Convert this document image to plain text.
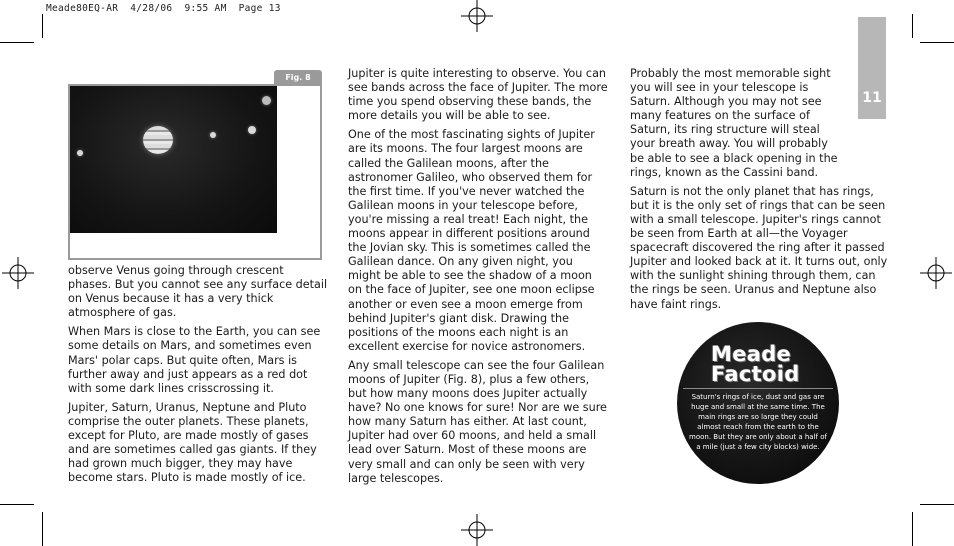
Meade80EQ-AR  4/28/06  9:55 AM  Page 13
Fig. 8
11

observe Venus going through crescent phases. But you cannot see any surface detail on Venus because it has a very thick atmosphere of gas.

When Mars is close to the Earth, you can see some details on Mars, and sometimes even Mars' polar caps. But quite often, Mars is further away and just appears as a red dot with some dark lines crisscrossing it.

Jupiter, Saturn, Uranus, Neptune and Pluto comprise the outer planets. These planets, except for Pluto, are made mostly of gases and are sometimes called gas giants. If they had grown much bigger, they may have become stars. Pluto is made mostly of ice.

Jupiter is quite interesting to observe. You can see bands across the face of Jupiter. The more time you spend observing these bands, the more details you will be able to see.

One of the most fascinating sights of Jupiter are its moons. The four largest moons are called the Galilean moons, after the astronomer Galileo, who observed them for the first time. If you've never watched the Galilean moons in your telescope before, you're missing a real treat! Each night, the moons appear in different positions around the Jovian sky. This is sometimes called the Galilean dance. On any given night, you might be able to see the shadow of a moon on the face of Jupiter, see one moon eclipse another or even see a moon emerge from behind Jupiter's giant disk. Drawing the positions of the moons each night is an excellent exercise for novice astronomers.

Any small telescope can see the four Galilean moons of Jupiter (Fig. 8), plus a few others, but how many moons does Jupiter actually have? No one knows for sure! Nor are we sure how many Saturn has either. At last count, Jupiter had over 60 moons, and held a small lead over Saturn. Most of these moons are very small and can only be seen with very large telescopes.

Probably the most memorable sight you will see in your telescope is Saturn. Although you may not see many features on the surface of Saturn, its ring structure will steal your breath away. You will probably be able to see a black opening in the rings, known as the Cassini band.

Saturn is not the only planet that has rings, but it is the only set of rings that can be seen with a small telescope. Jupiter's rings cannot be seen from Earth at all—the Voyager spacecraft discovered the ring after it passed Jupiter and looked back at it. It turns out, only with the sunlight shining through them, can the rings be seen. Uranus and Neptune also have faint rings.

Meade
Factoid
Saturn's rings of ice, dust and gas are huge and small at the same time. The main rings are so large they could almost reach from the earth to the moon. But they are only about a half of a mile (just a few city blocks) wide.
